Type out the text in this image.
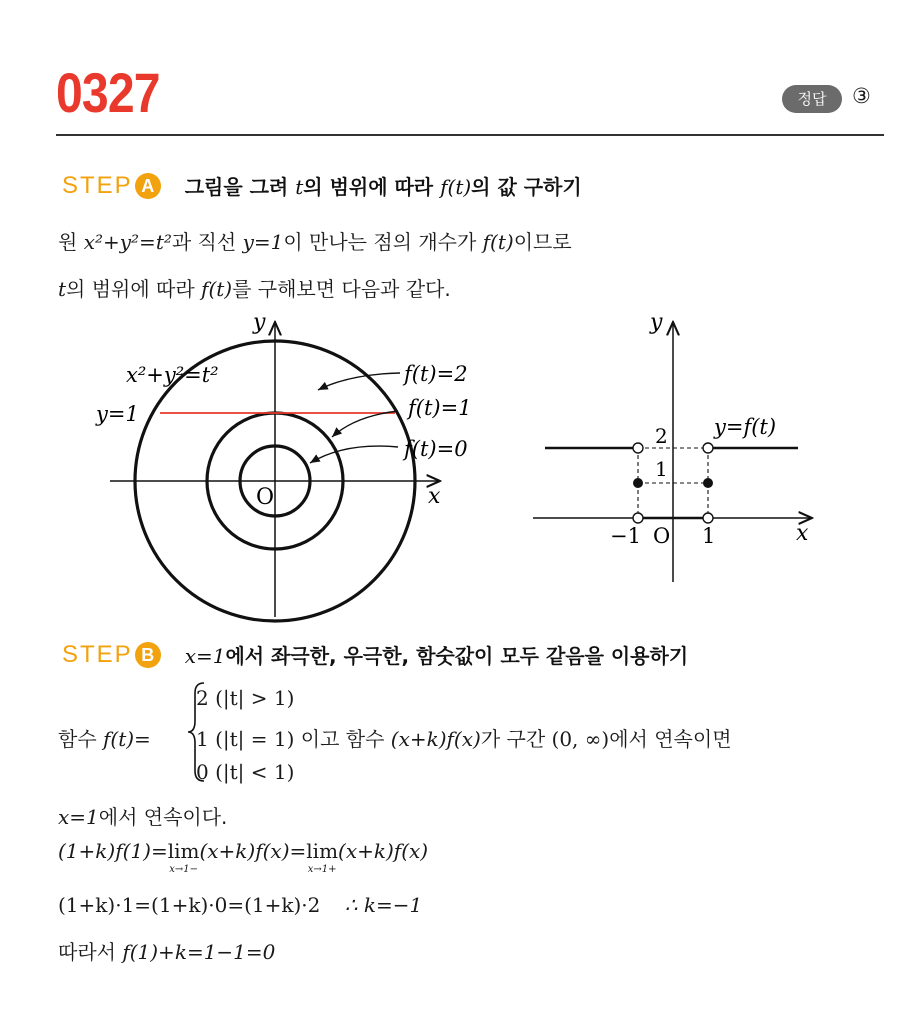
0327	정답	③
STEP A	그림을 그려 t의 범위에 따라 f(t)의 값 구하기
원 x²+y²=t²과 직선 y=1이 만나는 점의 개수가 f(t)이므로
t의 범위에 따라 f(t)를 구해보면 다음과 같다.
y
x
O
x²+y²=t²
y=1
f(t)=2
f(t)=1
f(t)=0
y
x
O
y=f(t)
2
1
−1	1
STEP B	x=1에서 좌극한, 우극한, 함숫값이 모두 같음을 이용하기
함수 f(t)=
2 (|t| > 1)
1 (|t| = 1) 이고 함수 (x+k)f(x)가 구간 (0, ∞)에서 연속이면
0 (|t| < 1)
x=1에서 연속이다.
(1+k)f(1)=lim
x→1−
(x+k)f(x)=lim
x→1+
(x+k)f(x)
(1+k)·1=(1+k)·0=(1+k)·2 ∴ k=−1
따라서 f(1)+k=1−1=0
